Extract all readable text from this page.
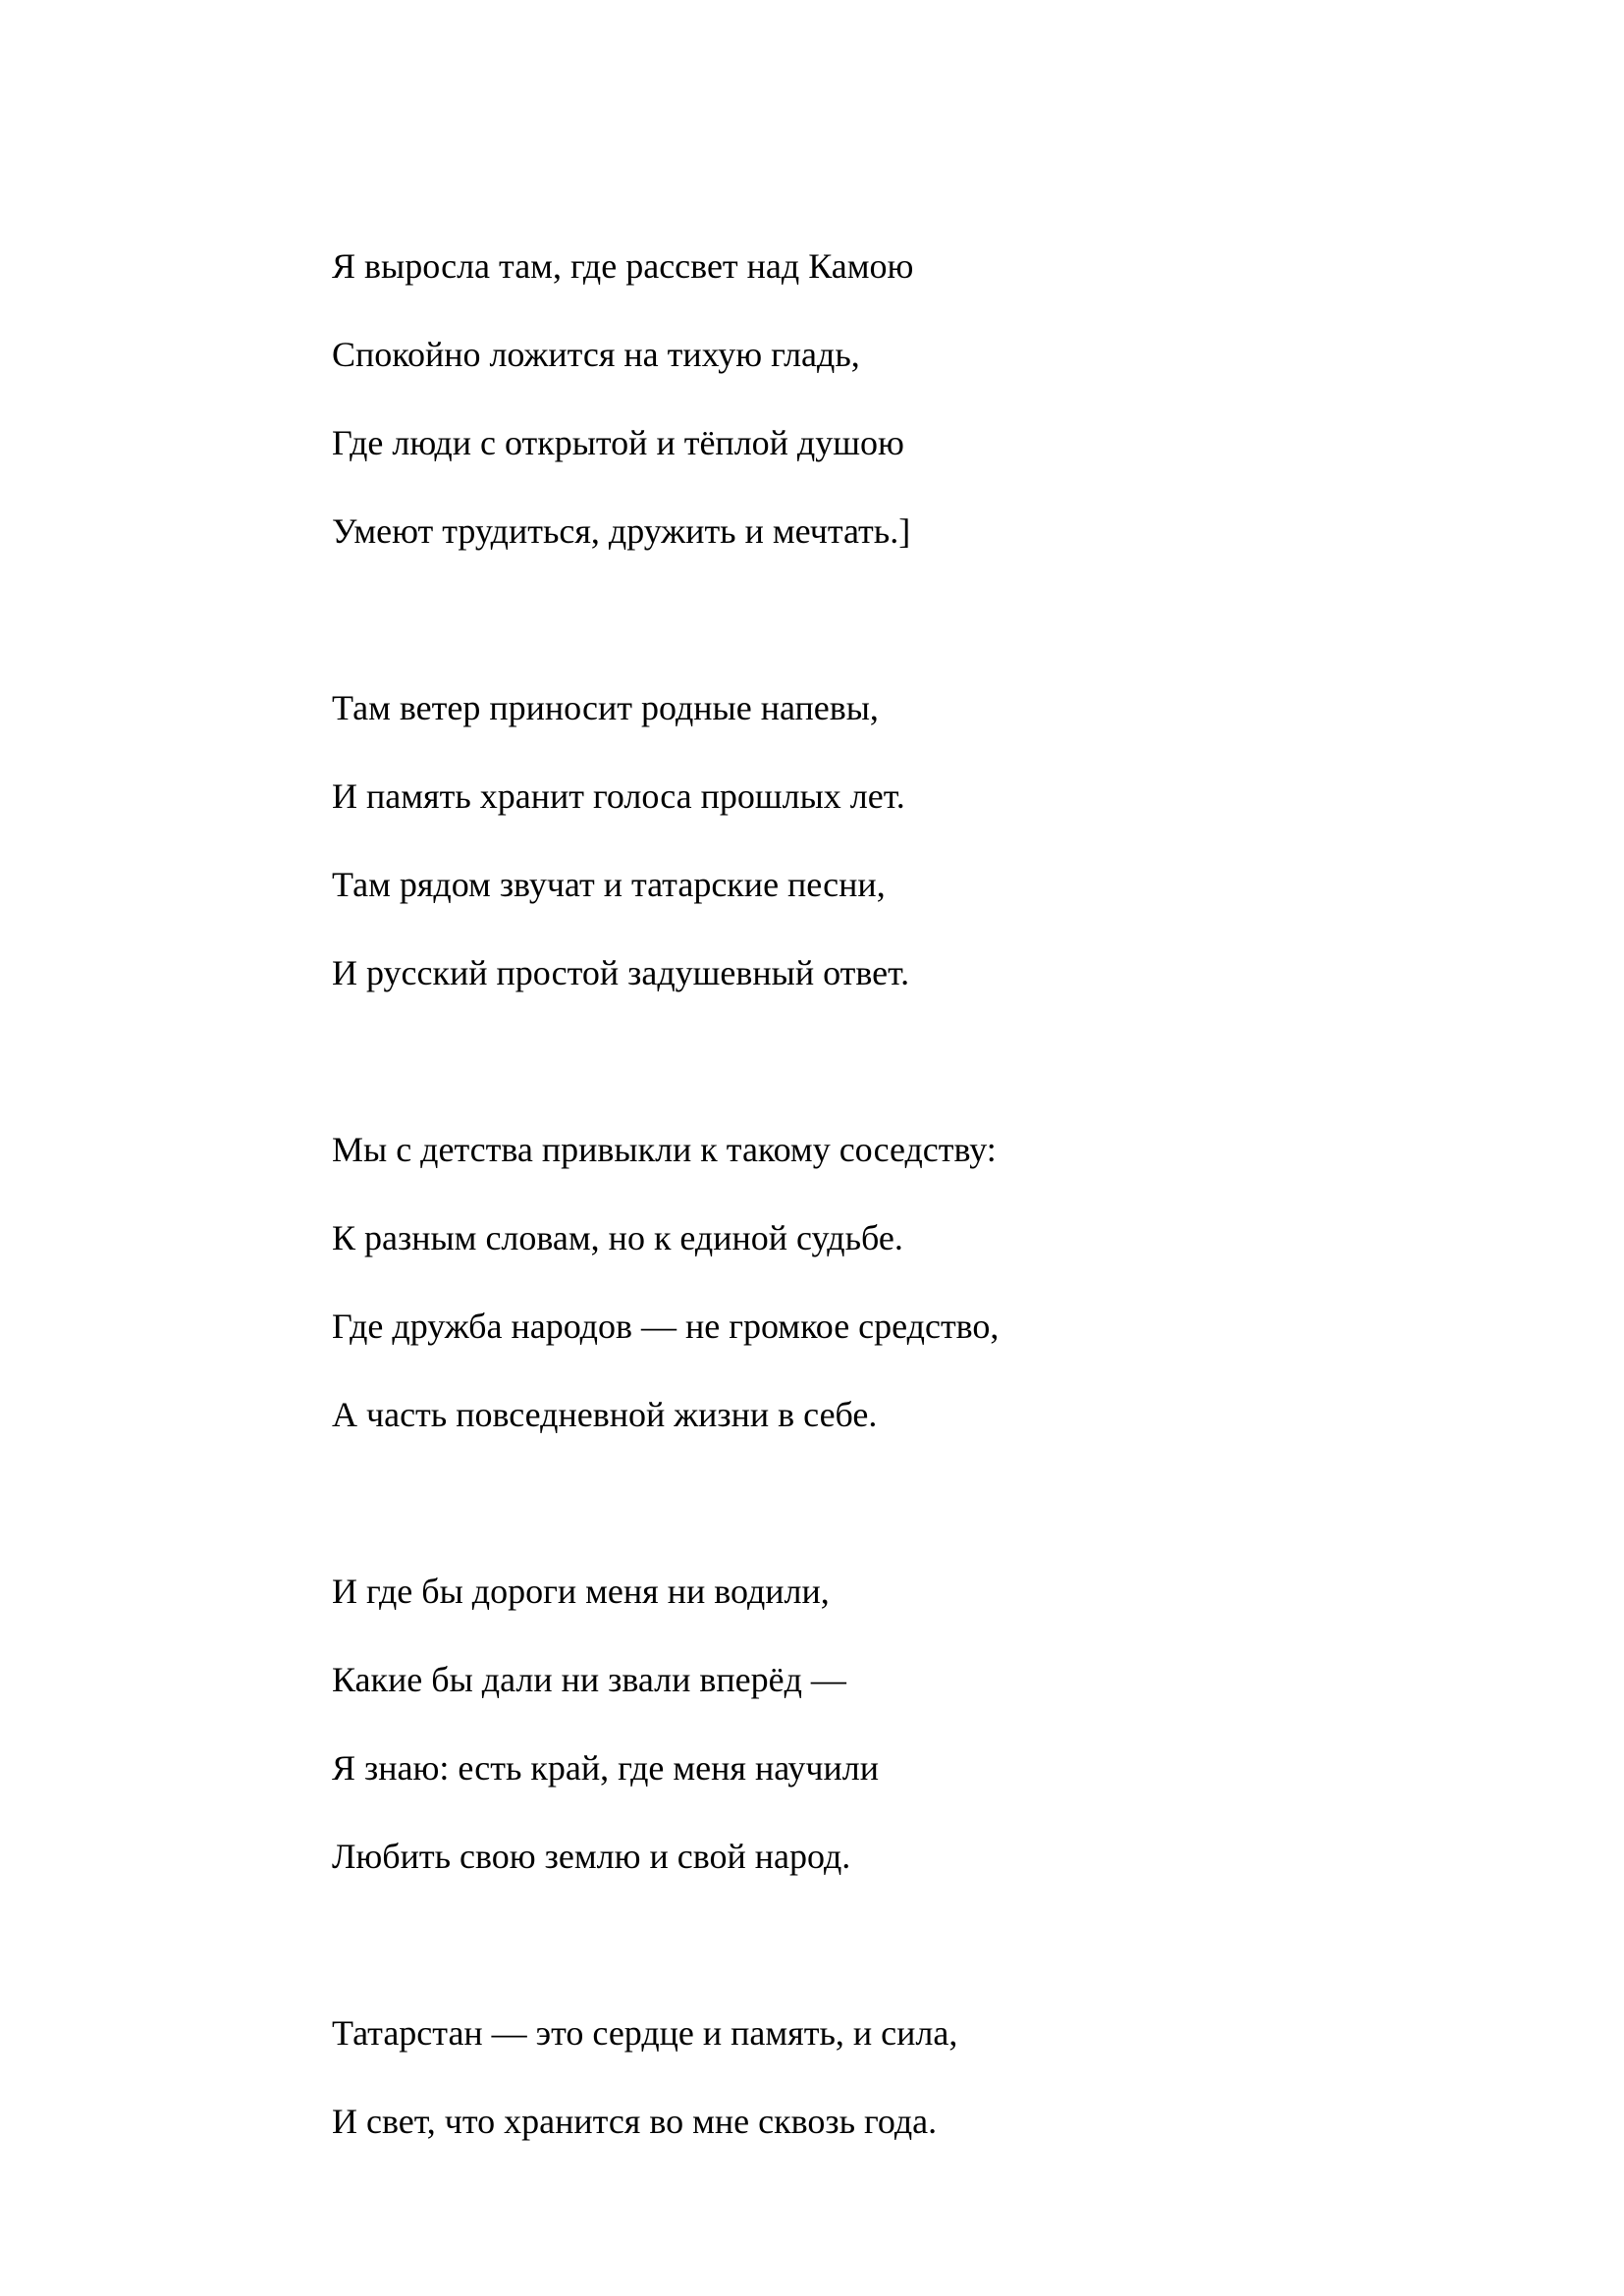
Я выросла там, где рассвет над Камою
Спокойно ложится на тихую гладь,
Где люди с открытой и тёплой душою
Умеют трудиться, дружить и мечтать.]
Там ветер приносит родные напевы,
И память хранит голоса прошлых лет.
Там рядом звучат и татарские песни,
И русский простой задушевный ответ.
Мы с детства привыкли к такому соседству:
К разным словам, но к единой судьбе.
Где дружба народов — не громкое средство,
А часть повседневной жизни в себе.
И где бы дороги меня ни водили,
Какие бы дали ни звали вперёд —
Я знаю: есть край, где меня научили
Любить свою землю и свой народ.
Татарстан — это сердце и память, и сила,
И свет, что хранится во мне сквозь года.
